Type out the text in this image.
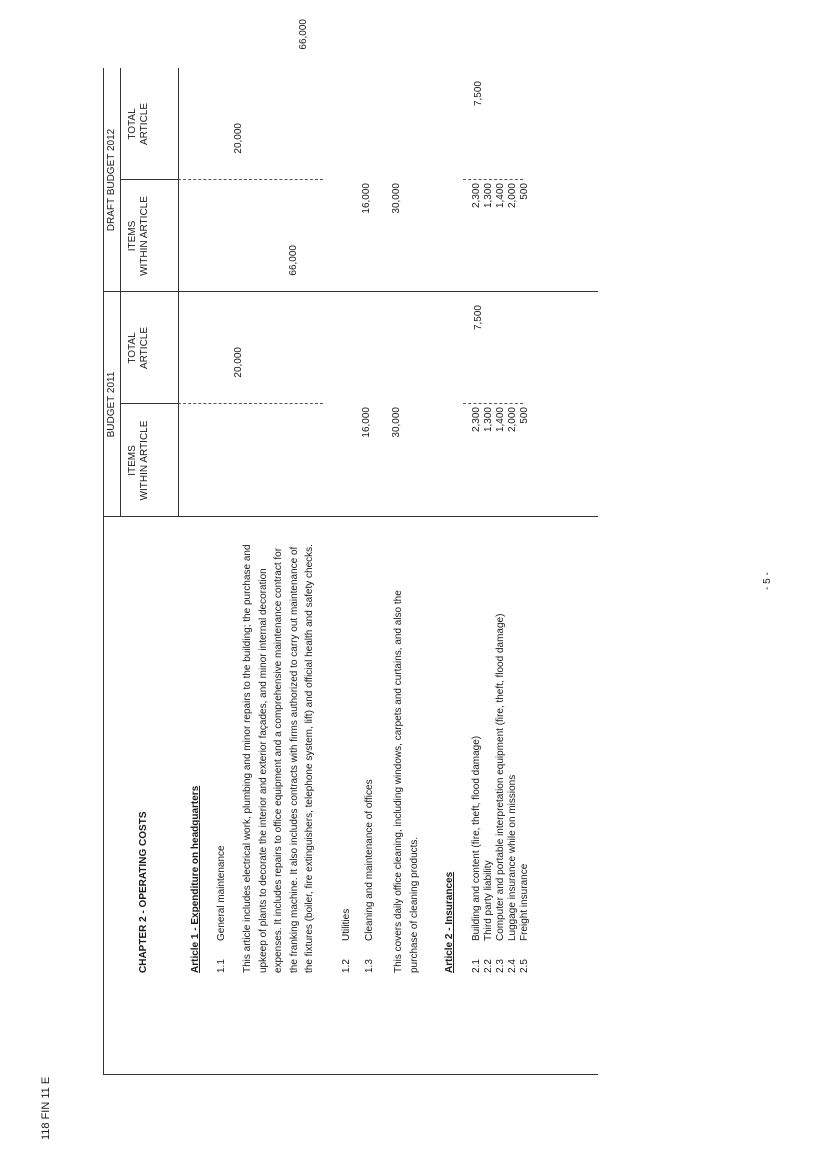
118 FIN 11 E
- 5 -
BUDGET 2011
DRAFT BUDGET 2012
ITEMS WITHIN ARTICLE
TOTAL ARTICLE
ITEMS WITHIN ARTICLE
TOTAL ARTICLE
CHAPTER 2 - OPERATING COSTS	Article 1 - Expenditure on headquarters
66,000
66,000
1.1
General maintenance
20,000
20,000
This article includes electrical work, plumbing and minor repairs to the building; the purchase and upkeep of plants to decorate the interior and exterior façades, and minor internal decoration expenses. It includes repairs to office equipment and a comprehensive maintenance contract for the franking machine. It also includes contracts with firms authorized to carry out maintenance of the fixtures (boiler, fire extinguishers, telephone system, lift) and official health and safety checks.	1.2
Utilities
16,000
16,000
1.3
Cleaning and maintenance of offices
30,000
30,000
This covers daily office cleaning, including windows, carpets and curtains, and also the purchase of cleaning products. Article 2 - Insurances
7,500
7,500
2.1Building and content (fire, theft, flood damage)
2.2Third party liability
2.3Computer and portable interpretation equipment (fire, theft, flood damage)
2.4Luggage insurance while on missions
2.5Freight insurance
2,300 1,300 1,400 2,000 500
2,300 1,300 1,400 2,000 500
